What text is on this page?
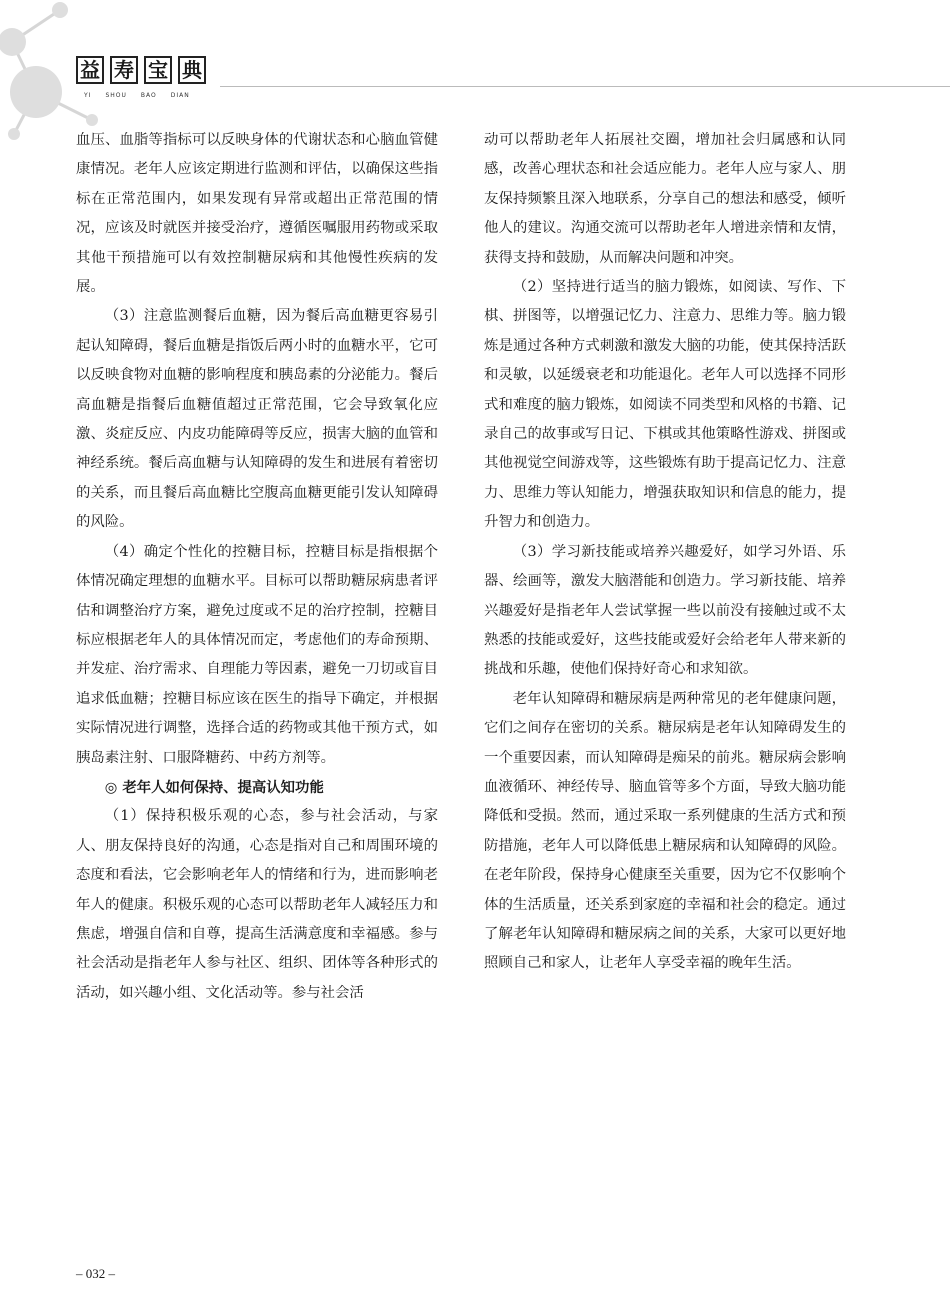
益 寿 宝 典
YI SHOU BAO DIAN

血压、血脂等指标可以反映身体的代谢状态和心脑血管健康情况。老年人应该定期进行监测和评估，以确保这些指标在正常范围内，如果发现有异常或超出正常范围的情况，应该及时就医并接受治疗，遵循医嘱服用药物或采取其他干预措施可以有效控制糖尿病和其他慢性疾病的发展。

（3）注意监测餐后血糖，因为餐后高血糖更容易引起认知障碍，餐后血糖是指饭后两小时的血糖水平，它可以反映食物对血糖的影响程度和胰岛素的分泌能力。餐后高血糖是指餐后血糖值超过正常范围，它会导致氧化应激、炎症反应、内皮功能障碍等反应，损害大脑的血管和神经系统。餐后高血糖与认知障碍的发生和进展有着密切的关系，而且餐后高血糖比空腹高血糖更能引发认知障碍的风险。

（4）确定个性化的控糖目标，控糖目标是指根据个体情况确定理想的血糖水平。目标可以帮助糖尿病患者评估和调整治疗方案，避免过度或不足的治疗控制，控糖目标应根据老年人的具体情况而定，考虑他们的寿命预期、并发症、治疗需求、自理能力等因素，避免一刀切或盲目追求低血糖；控糖目标应该在医生的指导下确定，并根据实际情况进行调整，选择合适的药物或其他干预方式，如胰岛素注射、口服降糖药、中药方剂等。

◎ 老年人如何保持、提高认知功能

（1）保持积极乐观的心态，参与社会活动，与家人、朋友保持良好的沟通，心态是指对自己和周围环境的态度和看法，它会影响老年人的情绪和行为，进而影响老年人的健康。积极乐观的心态可以帮助老年人减轻压力和焦虑，增强自信和自尊，提高生活满意度和幸福感。参与社会活动是指老年人参与社区、组织、团体等各种形式的活动，如兴趣小组、文化活动等。参与社会活

动可以帮助老年人拓展社交圈，增加社会归属感和认同感，改善心理状态和社会适应能力。老年人应与家人、朋友保持频繁且深入地联系，分享自己的想法和感受，倾听他人的建议。沟通交流可以帮助老年人增进亲情和友情，获得支持和鼓励，从而解决问题和冲突。

（2）坚持进行适当的脑力锻炼，如阅读、写作、下棋、拼图等，以增强记忆力、注意力、思维力等。脑力锻炼是通过各种方式刺激和激发大脑的功能，使其保持活跃和灵敏，以延缓衰老和功能退化。老年人可以选择不同形式和难度的脑力锻炼，如阅读不同类型和风格的书籍、记录自己的故事或写日记、下棋或其他策略性游戏、拼图或其他视觉空间游戏等，这些锻炼有助于提高记忆力、注意力、思维力等认知能力，增强获取知识和信息的能力，提升智力和创造力。

（3）学习新技能或培养兴趣爱好，如学习外语、乐器、绘画等，激发大脑潜能和创造力。学习新技能、培养兴趣爱好是指老年人尝试掌握一些以前没有接触过或不太熟悉的技能或爱好，这些技能或爱好会给老年人带来新的挑战和乐趣，使他们保持好奇心和求知欲。

老年认知障碍和糖尿病是两种常见的老年健康问题，它们之间存在密切的关系。糖尿病是老年认知障碍发生的一个重要因素，而认知障碍是痴呆的前兆。糖尿病会影响血液循环、神经传导、脑血管等多个方面，导致大脑功能降低和受损。然而，通过采取一系列健康的生活方式和预防措施，老年人可以降低患上糖尿病和认知障碍的风险。在老年阶段，保持身心健康至关重要，因为它不仅影响个体的生活质量，还关系到家庭的幸福和社会的稳定。通过了解老年认知障碍和糖尿病之间的关系，大家可以更好地照顾自己和家人，让老年人享受幸福的晚年生活。

– 032 –
